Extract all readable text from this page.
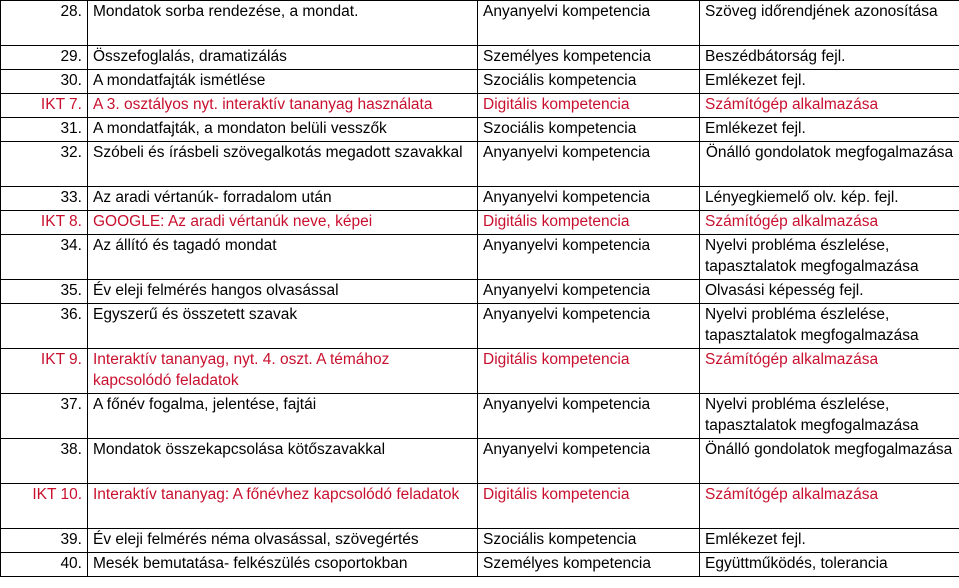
28.	Mondatok sorba rendezése, a mondat.	Anyanyelvi kompetencia	Szöveg időrendjének azonosítása
29.	Összefoglalás, dramatizálás	Személyes kompetencia	Beszédbátorság fejl.
30.	A mondatfajták ismétlése	Szociális kompetencia	Emlékezet fejl.
IKT 7.	A 3. osztályos nyt. interaktív tananyag használata	Digitális kompetencia	Számítógép alkalmazása
31.	A mondatfajták, a mondaton belüli vesszők	Szociális kompetencia	Emlékezet fejl.
32.	Szóbeli és írásbeli szövegalkotás megadott szavakkal	Anyanyelvi kompetencia	Önálló gondolatok megfogalmazása
33.	Az aradi vértanúk- forradalom után	Anyanyelvi kompetencia	Lényegkiemelő olv. kép. fejl.
IKT 8.	GOOGLE: Az aradi vértanúk neve, képei	Digitális kompetencia	Számítógép alkalmazása
34.	Az állító és tagadó mondat	Anyanyelvi kompetencia	Nyelvi probléma észlelése, tapasztalatok megfogalmazása
35.	Év eleji felmérés hangos olvasással	Anyanyelvi kompetencia	Olvasási képesség fejl.
36.	Egyszerű és összetett szavak	Anyanyelvi kompetencia	Nyelvi probléma észlelése, tapasztalatok megfogalmazása
IKT 9.	Interaktív tananyag, nyt. 4. oszt. A témához kapcsolódó feladatok	Digitális kompetencia	Számítógép alkalmazása
37.	A főnév fogalma, jelentése, fajtái	Anyanyelvi kompetencia	Nyelvi probléma észlelése, tapasztalatok megfogalmazása
38.	Mondatok összekapcsolása kötőszavakkal	Anyanyelvi kompetencia	Önálló gondolatok megfogalmazása
IKT 10.	Interaktív tananyag: A főnévhez kapcsolódó feladatok	Digitális kompetencia	Számítógép alkalmazása
39.	Év eleji felmérés néma olvasással, szövegértés	Szociális kompetencia	Emlékezet fejl.
40.	Mesék bemutatása- felkészülés csoportokban	Személyes kompetencia	Együttműködés, tolerancia
